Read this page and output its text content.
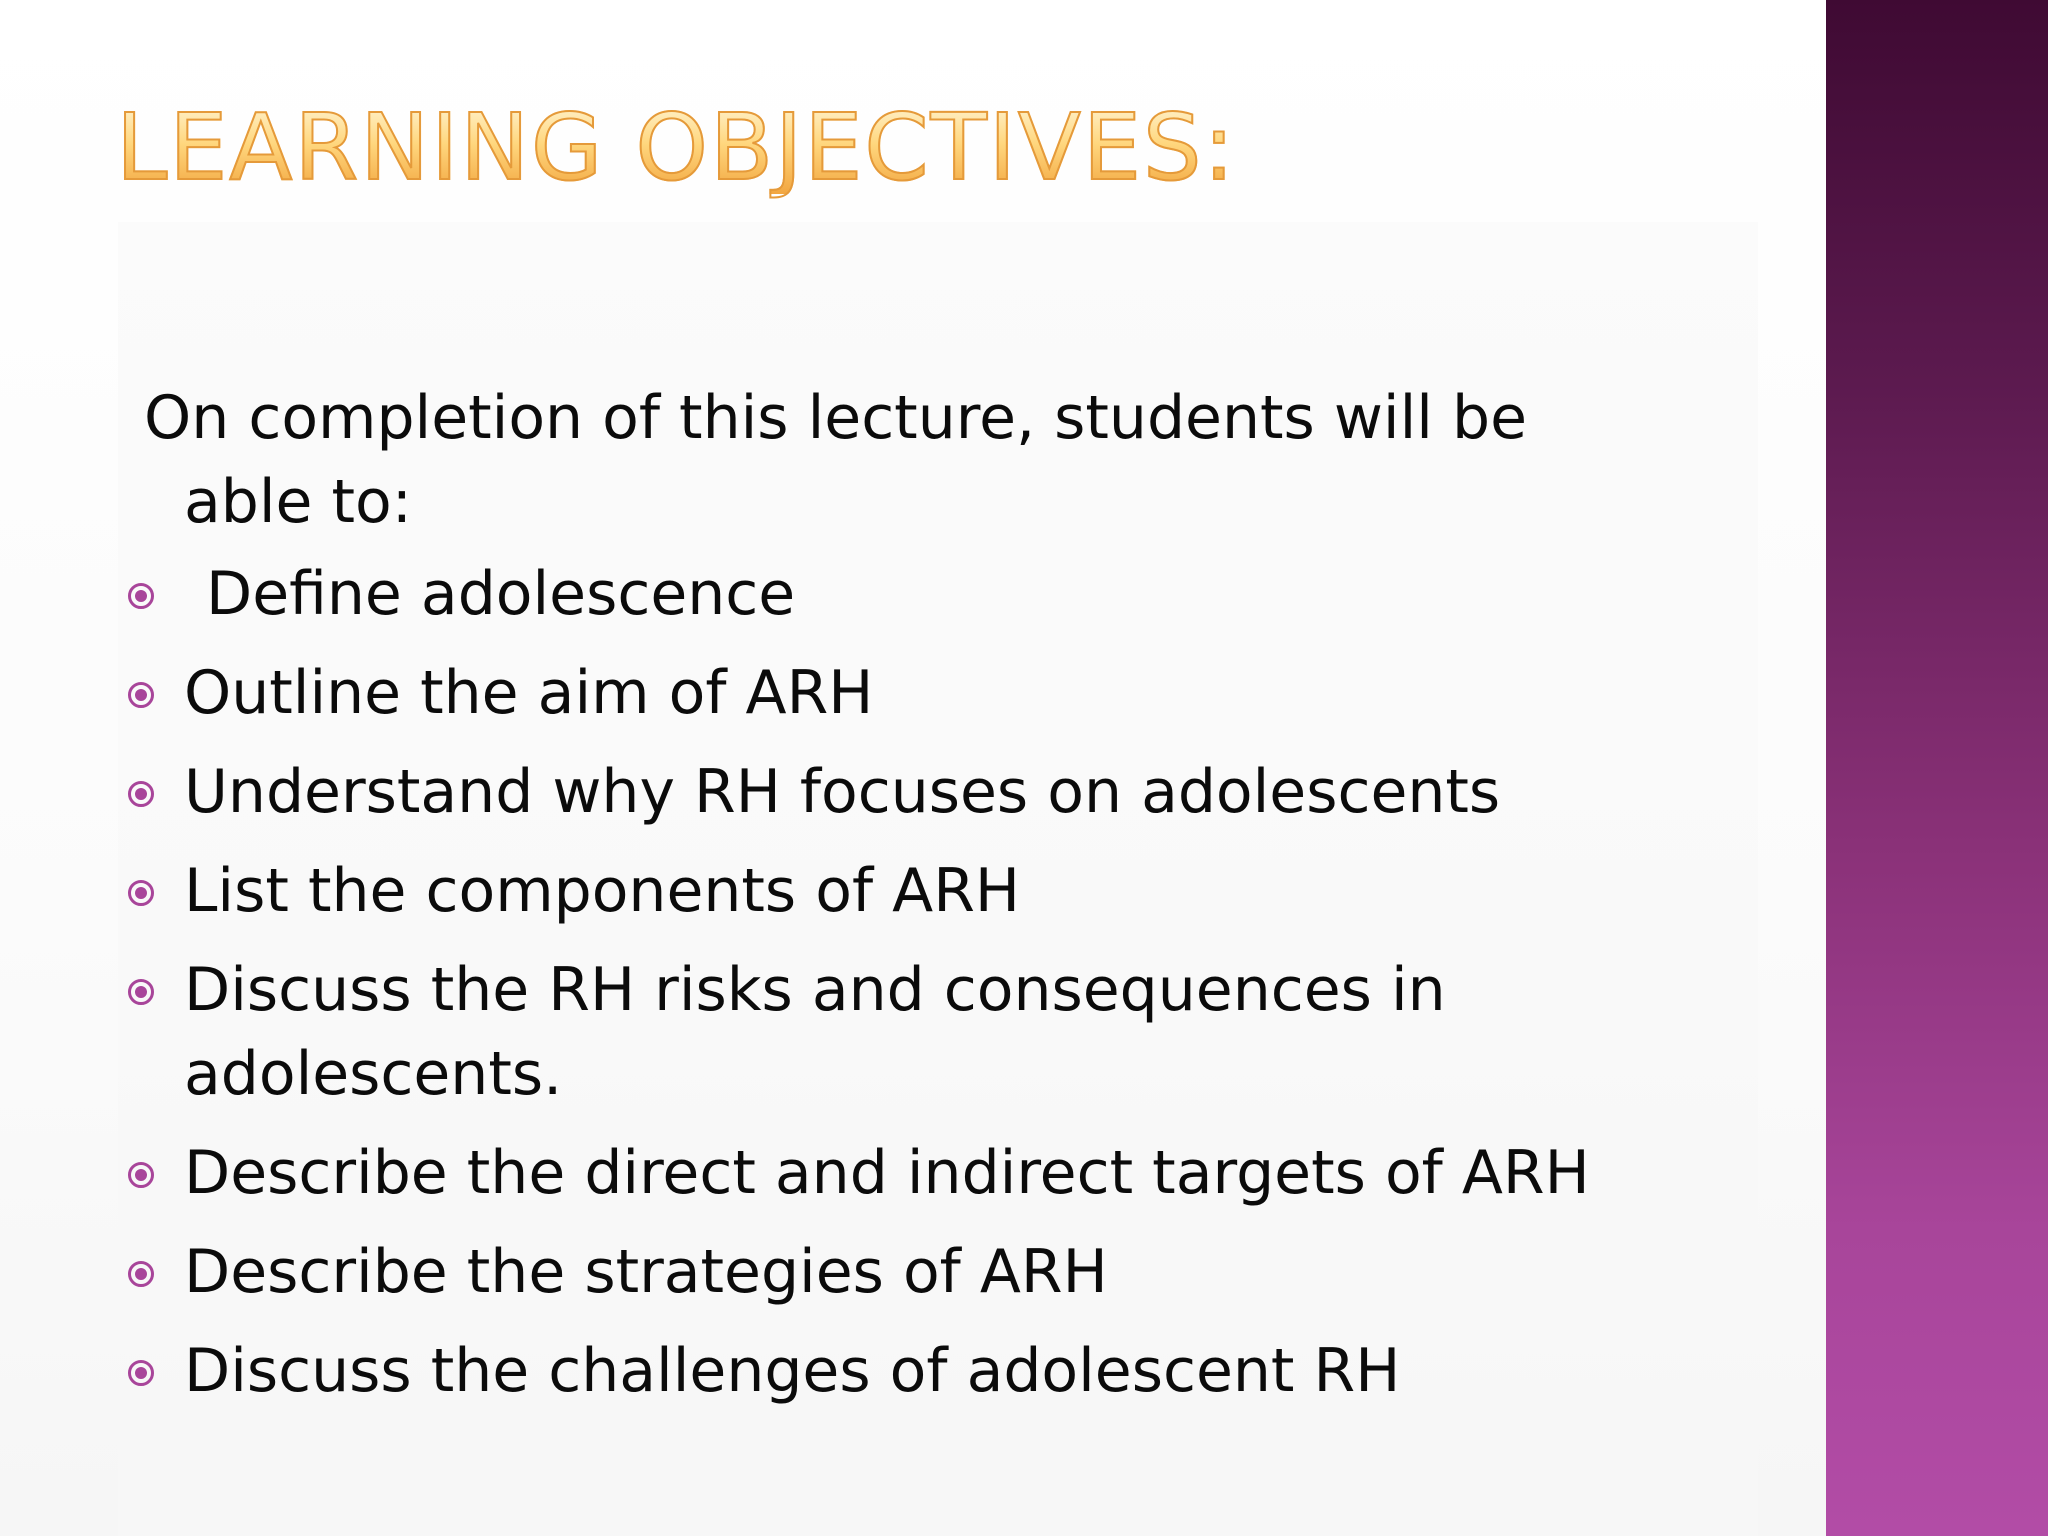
LEARNING OBJECTIVES:

On completion of this lecture, students will be
able to:

Define adolescence
Outline the aim of ARH
Understand why RH focuses on adolescents
List the components of ARH
Discuss the RH risks and consequences in adolescents.
Describe the direct and indirect targets of ARH
Describe the strategies of ARH
Discuss the challenges of adolescent RH
